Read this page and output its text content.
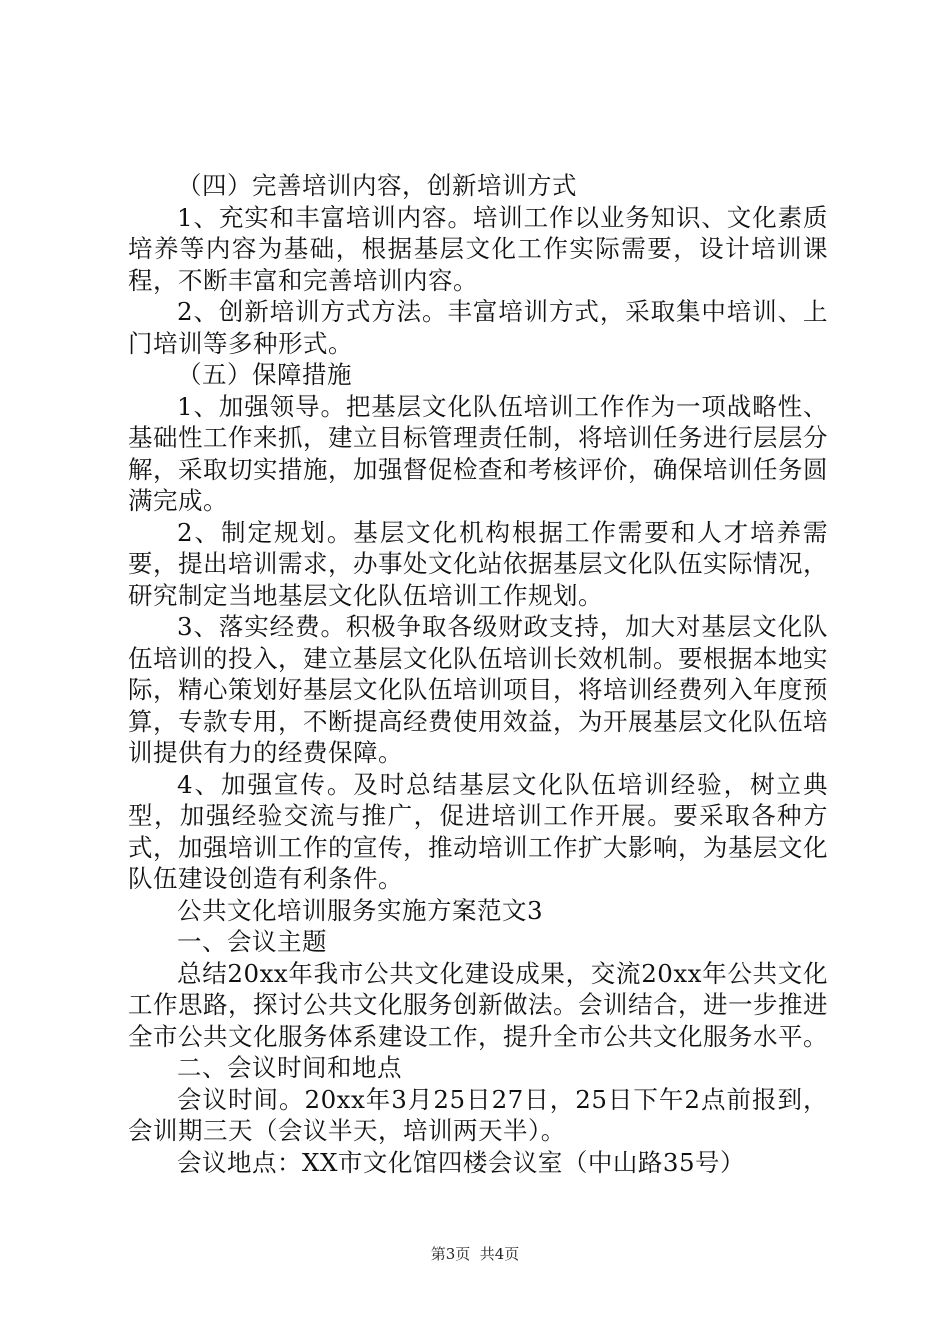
（四）完善培训内容，创新培训方式

1、充实和丰富培训内容。培训工作以业务知识、文化素质培养等内容为基础，根据基层文化工作实际需要，设计培训课程，不断丰富和完善培训内容。

2、创新培训方式方法。丰富培训方式，采取集中培训、上门培训等多种形式。

（五）保障措施

1、加强领导。把基层文化队伍培训工作作为一项战略性、基础性工作来抓，建立目标管理责任制，将培训任务进行层层分解，采取切实措施，加强督促检查和考核评价，确保培训任务圆满完成。

2、制定规划。基层文化机构根据工作需要和人才培养需要，提出培训需求，办事处文化站依据基层文化队伍实际情况，研究制定当地基层文化队伍培训工作规划。

3、落实经费。积极争取各级财政支持，加大对基层文化队伍培训的投入，建立基层文化队伍培训长效机制。要根据本地实际，精心策划好基层文化队伍培训项目，将培训经费列入年度预算，专款专用，不断提高经费使用效益，为开展基层文化队伍培训提供有力的经费保障。

4、加强宣传。及时总结基层文化队伍培训经验，树立典型，加强经验交流与推广，促进培训工作开展。要采取各种方式，加强培训工作的宣传，推动培训工作扩大影响，为基层文化队伍建设创造有利条件。

公共文化培训服务实施方案范文3

一、会议主题

总结20xx年我市公共文化建设成果，交流20xx年公共文化工作思路，探讨公共文化服务创新做法。会训结合，进一步推进全市公共文化服务体系建设工作，提升全市公共文化服务水平。

二、会议时间和地点

会议时间。20xx年3月25日27日，25日下午2点前报到，会训期三天（会议半天，培训两天半）。

会议地点：XX市文化馆四楼会议室（中山路35号）

第3页  共4页
